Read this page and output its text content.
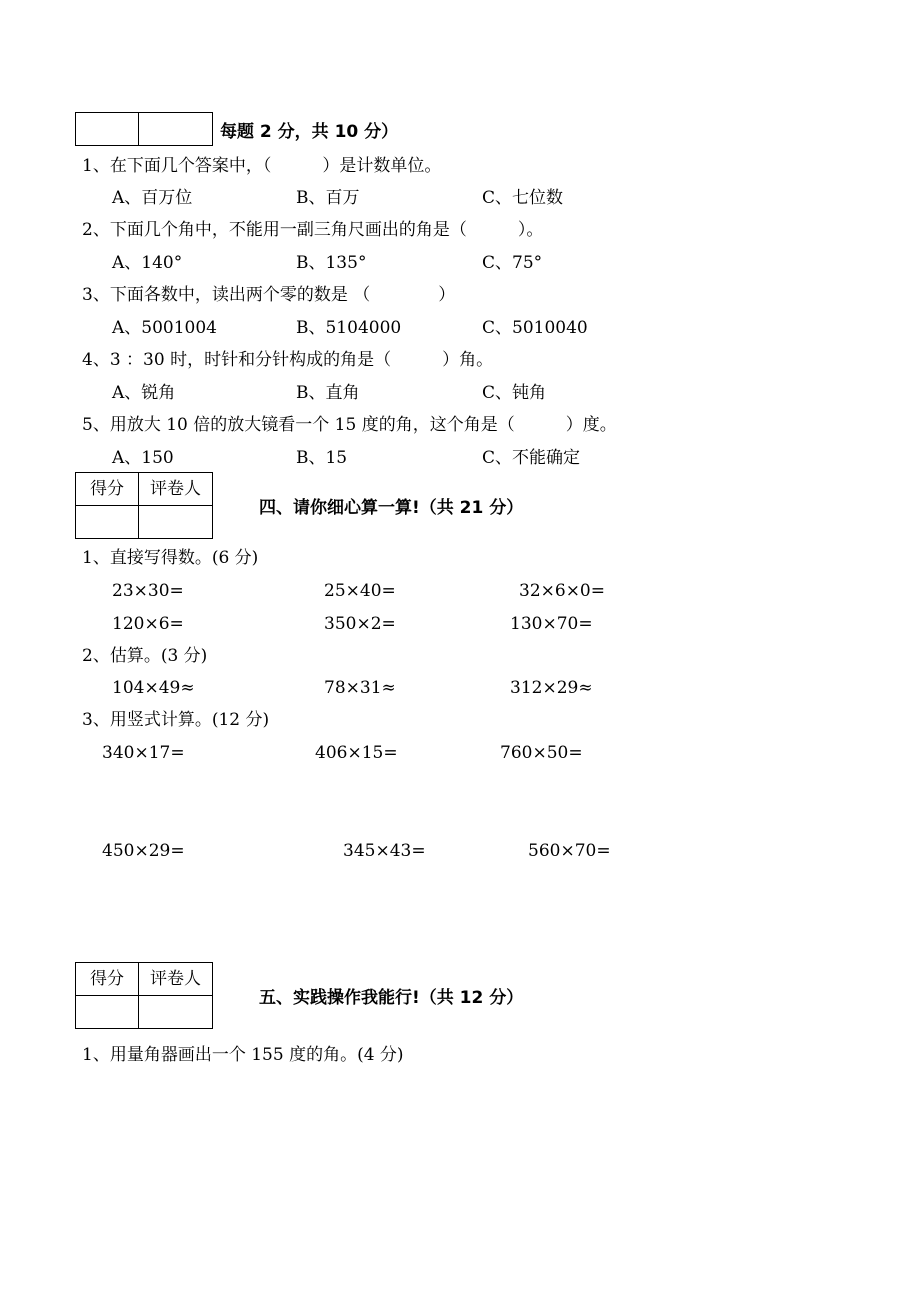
每题 2 分，共 10 分）
1、在下面几个答案中，（　　　）是计数单位。
A、百万位	B、百万	C、七位数
2、下面几个角中，不能用一副三角尺画出的角是（　　　）。
A、140°	B、135°	C、75°
3、下面各数中，读出两个零的数是 （　　　　）
A、5001004	B、5104000	C、5010040
4、3 ：30 时，时针和分针构成的角是（　　　）角。
A、锐角	B、直角	C、钝角
5、用放大 10 倍的放大镜看一个 15 度的角，这个角是（　　　）度。
A、150	B、15	C、不能确定
得分	评卷人

四、请你细心算一算!（共 21 分）
1、直接写得数。(6 分)
23×30=	25×40=	32×6×0=
120×6=	350×2=	130×70=
2、估算。(3 分)
104×49≈	78×31≈	312×29≈
3、用竖式计算。(12 分)
340×17=	406×15=	760×50=
450×29=	345×43=	560×70=
得分	评卷人

五、实践操作我能行!（共 12 分）
1、用量角器画出一个 155 度的角。(4 分)
